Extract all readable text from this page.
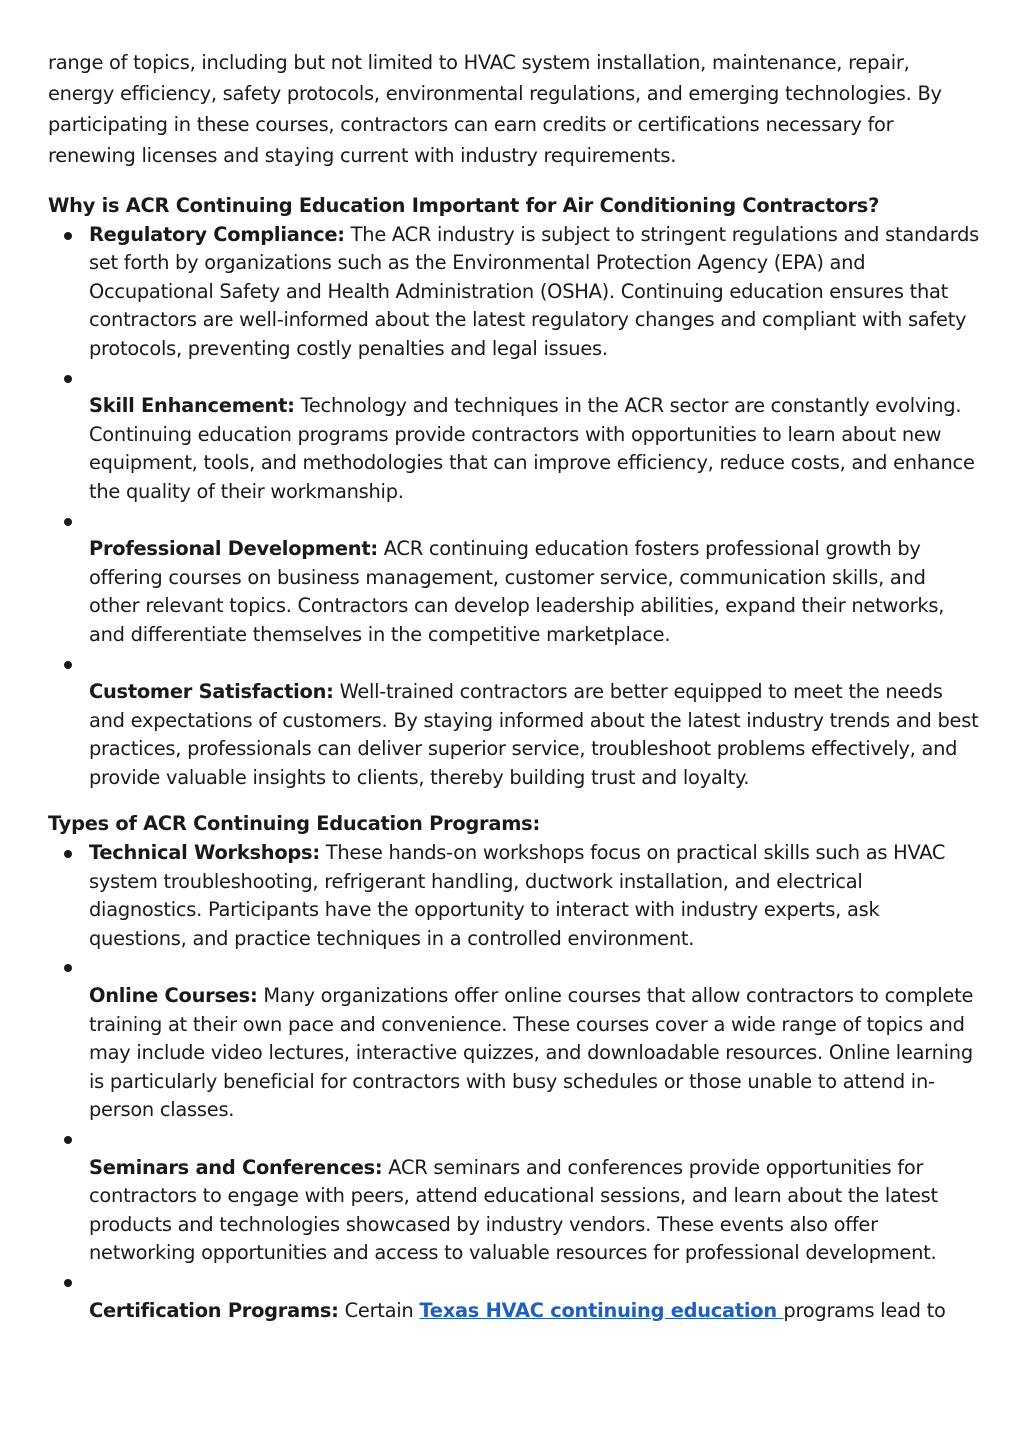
range of topics, including but not limited to HVAC system installation, maintenance, repair, energy efficiency, safety protocols, environmental regulations, and emerging technologies. By participating in these courses, contractors can earn credits or certifications necessary for renewing licenses and staying current with industry requirements.

Why is ACR Continuing Education Important for Air Conditioning Contractors?

Regulatory Compliance: The ACR industry is subject to stringent regulations and standards set forth by organizations such as the Environmental Protection Agency (EPA) and Occupational Safety and Health Administration (OSHA). Continuing education ensures that contractors are well-informed about the latest regulatory changes and compliant with safety protocols, preventing costly penalties and legal issues.
Skill Enhancement: Technology and techniques in the ACR sector are constantly evolving. Continuing education programs provide contractors with opportunities to learn about new equipment, tools, and methodologies that can improve efficiency, reduce costs, and enhance the quality of their workmanship.
Professional Development: ACR continuing education fosters professional growth by offering courses on business management, customer service, communication skills, and other relevant topics. Contractors can develop leadership abilities, expand their networks, and differentiate themselves in the competitive marketplace.
Customer Satisfaction: Well-trained contractors are better equipped to meet the needs and expectations of customers. By staying informed about the latest industry trends and best practices, professionals can deliver superior service, troubleshoot problems effectively, and provide valuable insights to clients, thereby building trust and loyalty.

Types of ACR Continuing Education Programs:

Technical Workshops: These hands-on workshops focus on practical skills such as HVAC system troubleshooting, refrigerant handling, ductwork installation, and electrical diagnostics. Participants have the opportunity to interact with industry experts, ask questions, and practice techniques in a controlled environment.
Online Courses: Many organizations offer online courses that allow contractors to complete training at their own pace and convenience. These courses cover a wide range of topics and may include video lectures, interactive quizzes, and downloadable resources. Online learning is particularly beneficial for contractors with busy schedules or those unable to attend in-person classes.
Seminars and Conferences: ACR seminars and conferences provide opportunities for contractors to engage with peers, attend educational sessions, and learn about the latest products and technologies showcased by industry vendors. These events also offer networking opportunities and access to valuable resources for professional development.
Certification Programs: Certain Texas HVAC continuing education programs lead to
